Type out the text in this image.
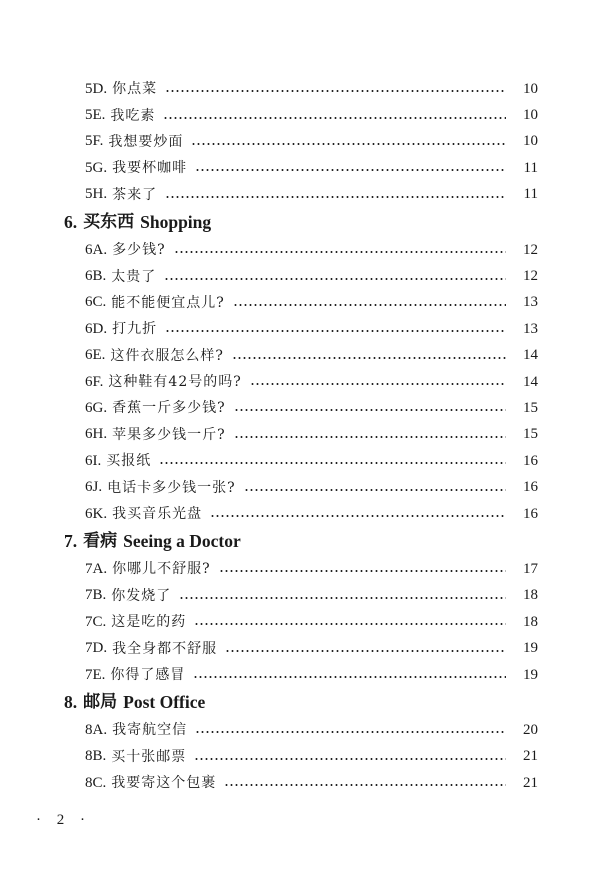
5D. 你点菜	10
5E. 我吃素	10
5F. 我想要炒面	10
5G. 我要杯咖啡	11
5H. 茶来了	11
6. 买东西 Shopping
6A. 多少钱?	12
6B. 太贵了	12
6C. 能不能便宜点儿?	13
6D. 打九折	13
6E. 这件衣服怎么样?	14
6F. 这种鞋有42号的吗?	14
6G. 香蕉一斤多少钱?	15
6H. 苹果多少钱一斤?	15
6I. 买报纸	16
6J. 电话卡多少钱一张?	16
6K. 我买音乐光盘	16
7. 看病 Seeing a Doctor
7A. 你哪儿不舒服?	17
7B. 你发烧了	18
7C. 这是吃的药	18
7D. 我全身都不舒服	19
7E. 你得了感冒	19
8. 邮局 Post Office
8A. 我寄航空信	20
8B. 买十张邮票	21
8C. 我要寄这个包裹	21
· 2 ·
